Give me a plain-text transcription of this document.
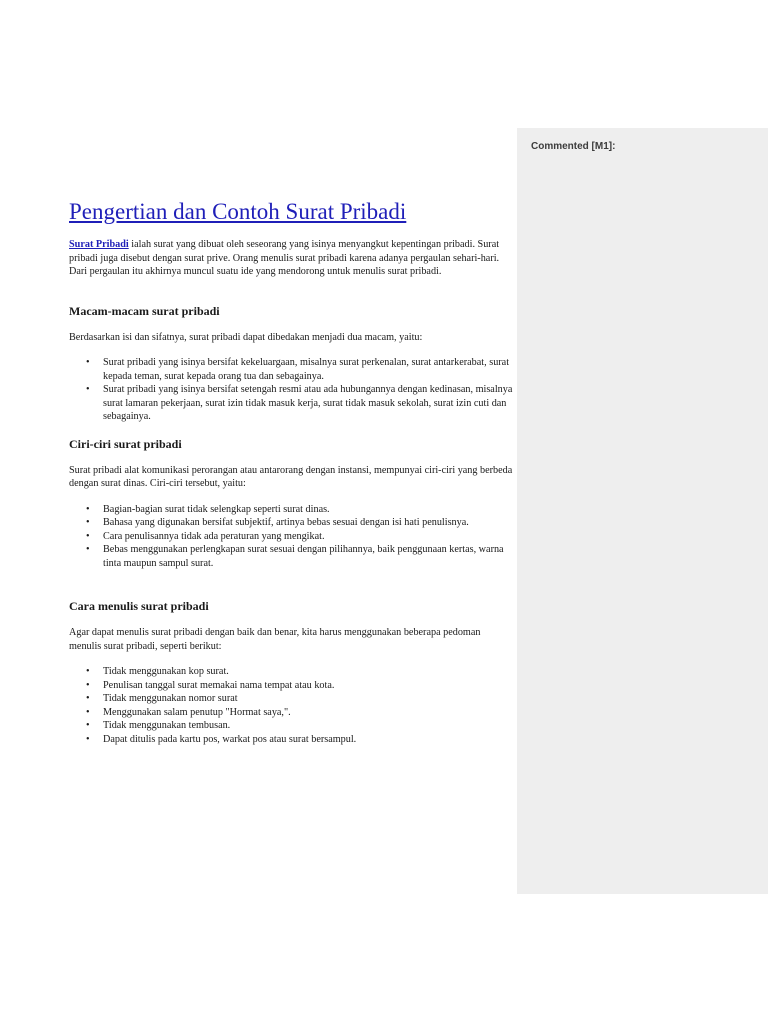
Commented [M1]:
Pengertian dan Contoh Surat Pribadi

Surat Pribadi ialah surat yang dibuat oleh seseorang yang isinya menyangkut kepentingan pribadi. Surat pribadi juga disebut dengan surat prive. Orang menulis surat pribadi karena adanya pergaulan sehari-hari. Dari pergaulan itu akhirnya muncul suatu ide yang mendorong untuk menulis surat pribadi.

Macam-macam surat pribadi

Berdasarkan isi dan sifatnya, surat pribadi dapat dibedakan menjadi dua macam, yaitu:

• Surat pribadi yang isinya bersifat kekeluargaan, misalnya surat perkenalan, surat antarkerabat, surat kepada teman, surat kepada orang tua dan sebagainya.
• Surat pribadi yang isinya bersifat setengah resmi atau ada hubungannya dengan kedinasan, misalnya surat lamaran pekerjaan, surat izin tidak masuk kerja, surat tidak masuk sekolah, surat izin cuti dan sebagainya.
Ciri-ciri surat pribadi

Surat pribadi alat komunikasi perorangan atau antarorang dengan instansi, mempunyai ciri-ciri yang berbeda dengan surat dinas. Ciri-ciri tersebut, yaitu:

• Bagian-bagian surat tidak selengkap seperti surat dinas.
• Bahasa yang digunakan bersifat subjektif, artinya bebas sesuai dengan isi hati penulisnya.
• Cara penulisannya tidak ada peraturan yang mengikat.
• Bebas menggunakan perlengkapan surat sesuai dengan pilihannya, baik penggunaan kertas, warna tinta maupun sampul surat.
Cara menulis surat pribadi

Agar dapat menulis surat pribadi dengan baik dan benar, kita harus menggunakan beberapa pedoman menulis surat pribadi, seperti berikut:

• Tidak menggunakan kop surat.
• Penulisan tanggal surat memakai nama tempat atau kota.
• Tidak menggunakan nomor surat
• Menggunakan salam penutup "Hormat saya,".
• Tidak menggunakan tembusan.
• Dapat ditulis pada kartu pos, warkat pos atau surat bersampul.
